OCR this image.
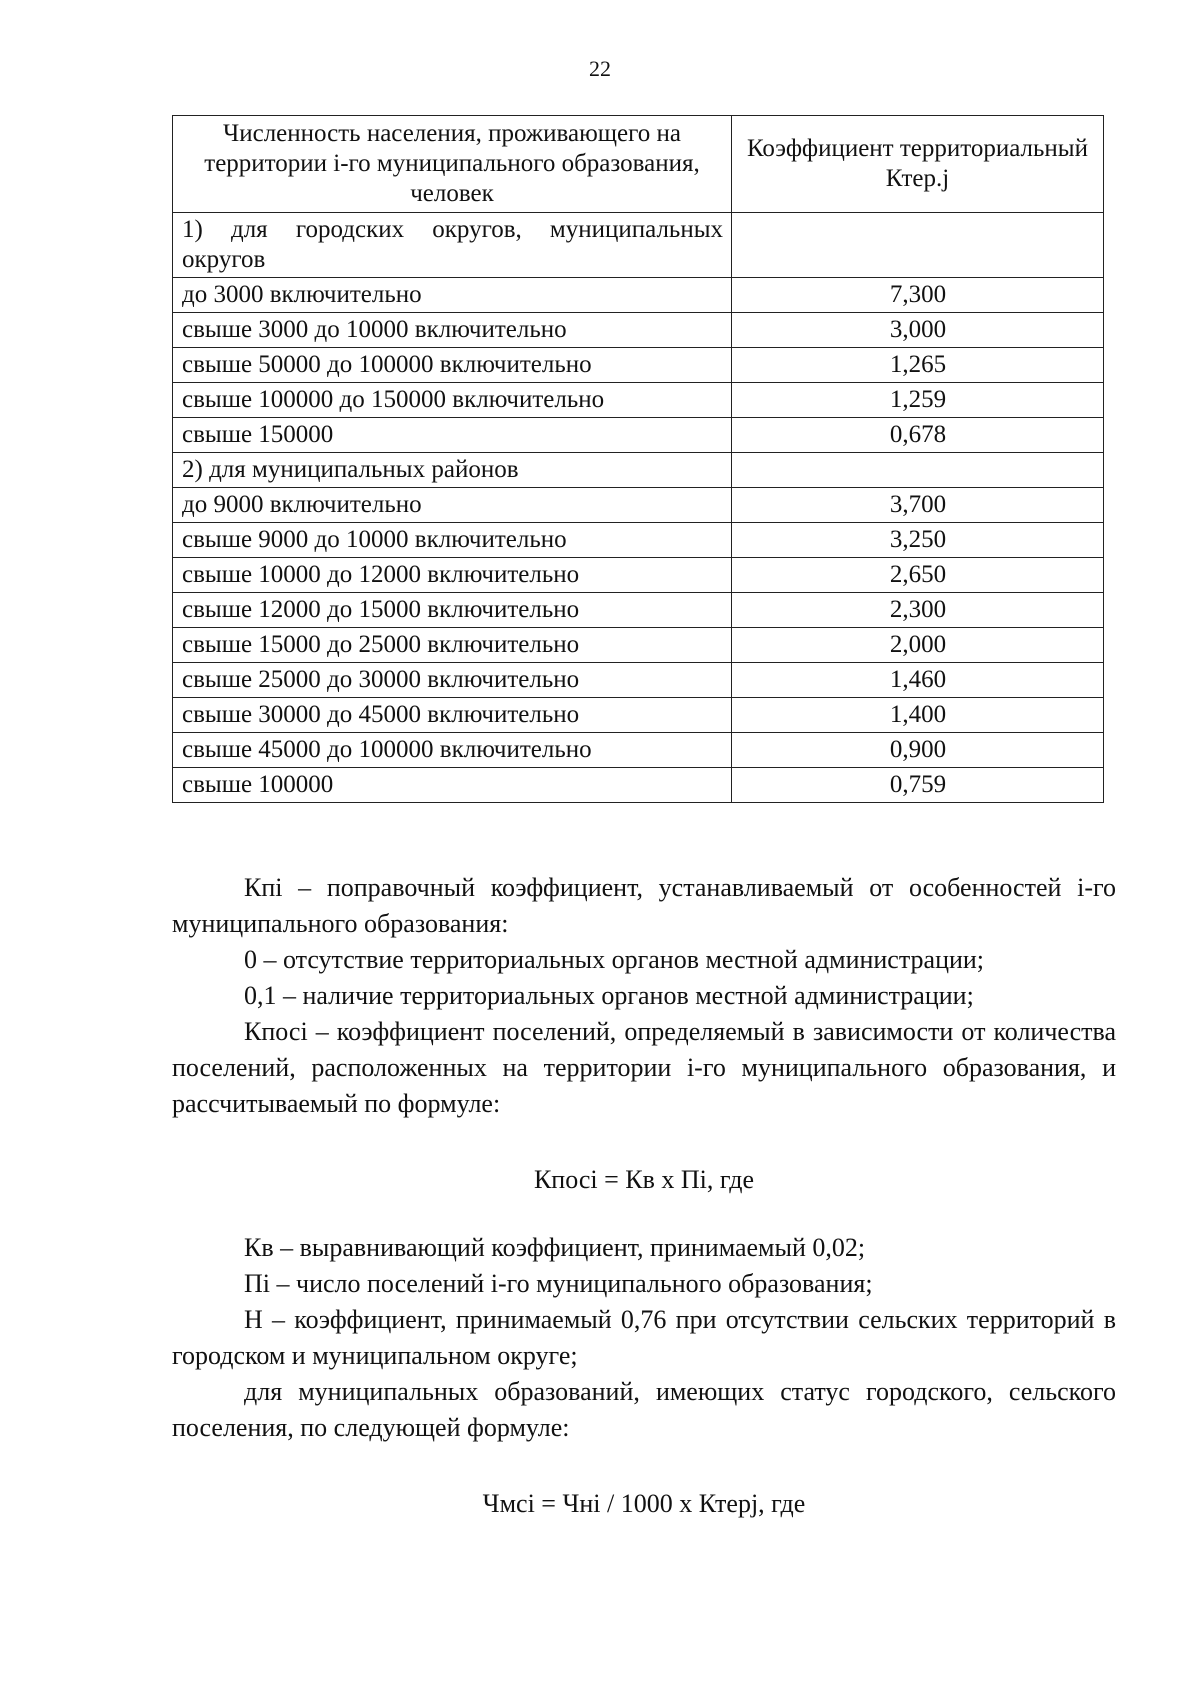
22
Численность населения, проживающего на территории i-го муниципального образования, человек	Коэффициент территориальный Ктер.j
1) для городских округов, муниципальных округов	
до 3000 включительно	7,300
свыше 3000 до 10000 включительно	3,000
свыше 50000 до 100000 включительно	1,265
свыше 100000 до 150000 включительно	1,259
свыше 150000	0,678
2) для муниципальных районов	
до 9000 включительно	3,700
свыше 9000 до 10000 включительно	3,250
свыше 10000 до 12000 включительно	2,650
свыше 12000 до 15000 включительно	2,300
свыше 15000 до 25000 включительно	2,000
свыше 25000 до 30000 включительно	1,460
свыше 30000 до 45000 включительно	1,400
свыше 45000 до 100000 включительно	0,900
свыше 100000	0,759

Кпi – поправочный коэффициент, устанавливаемый от особенностей i-го муниципального образования:

0 – отсутствие территориальных органов местной администрации;

0,1 – наличие территориальных органов местной администрации;

Кпосi – коэффициент поселений, определяемый в зависимости от количества поселений, расположенных на территории i-го муниципального образования, и рассчитываемый по формуле:

Кпосi = Кв х Пi, где

Кв – выравнивающий коэффициент, принимаемый 0,02;

Пi – число поселений i-го муниципального образования;

Н – коэффициент, принимаемый 0,76 при отсутствии сельских территорий в городском и муниципальном округе;

для муниципальных образований, имеющих статус городского, сельского поселения, по следующей формуле:

Чмсi = Чнi / 1000 х Ктерj, где
